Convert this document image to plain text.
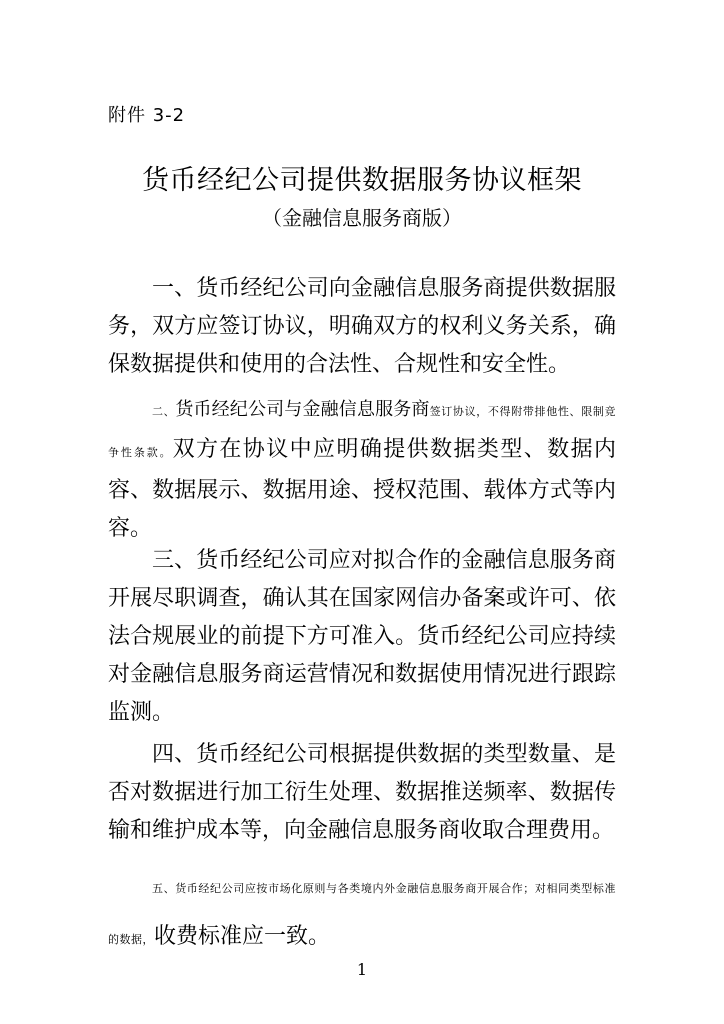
附件 3-2
货币经纪公司提供数据服务协议框架
（金融信息服务商版）

一、货币经纪公司向金融信息服务商提供数据服务，双方应签订协议，明确双方的权利义务关系，确保数据提供和使用的合法性、合规性和安全性。

二、货币经纪公司与金融信息服务商签订协议，不得附带排他性、限制竞争性条款。双方在协议中应明确提供数据类型、数据内容、数据展示、数据用途、授权范围、载体方式等内容。

三、货币经纪公司应对拟合作的金融信息服务商开展尽职调查，确认其在国家网信办备案或许可、依法合规展业的前提下方可准入。货币经纪公司应持续对金融信息服务商运营情况和数据使用情况进行跟踪监测。

四、货币经纪公司根据提供数据的类型数量、是否对数据进行加工衍生处理、数据推送频率、数据传输和维护成本等，向金融信息服务商收取合理费用。

五、货币经纪公司应按市场化原则与各类境内外金融信息服务商开展合作；对相同类型标准的数据，收费标准应一致。

1
